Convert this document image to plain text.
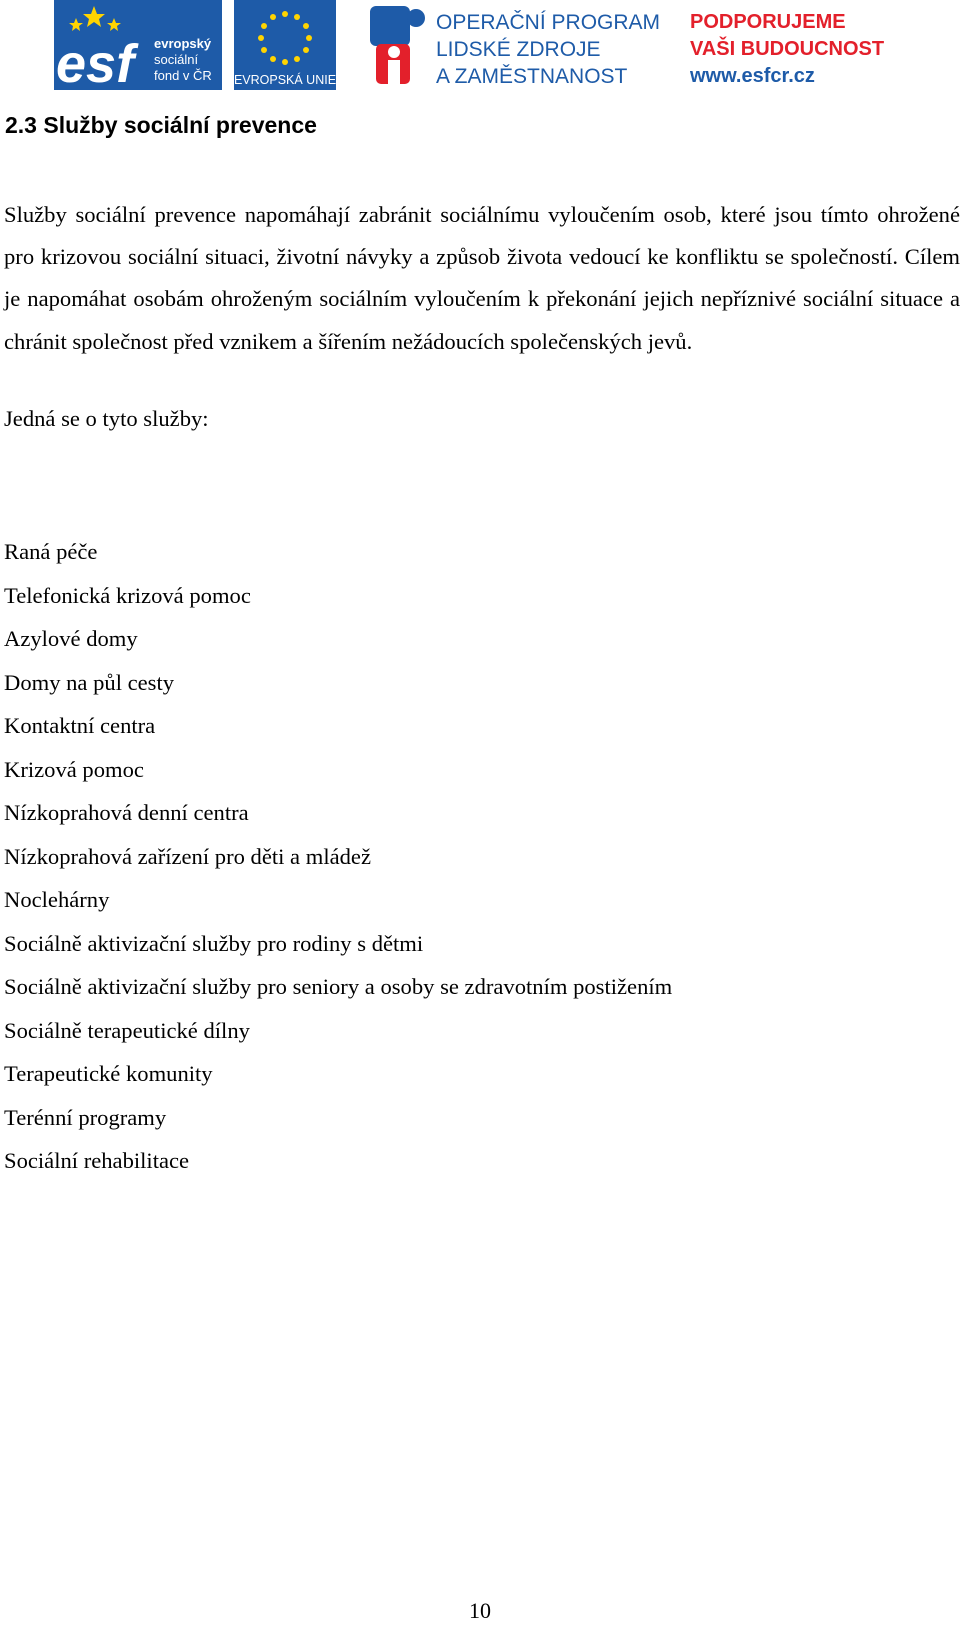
esf	evropský
sociální
fond v ČR EVROPSKÁ UNIE
OPERAČNÍ PROGRAM
LIDSKÉ ZDROJE
A ZAMĚSTNANOST
PODPORUJEME
VAŠI BUDOUCNOST
www.esfcr.cz
2.3 Služby sociální prevence

Služby sociální prevence napomáhají zabránit sociálnímu vyloučením osob, které jsou tímto ohrožené pro krizovou sociální situaci, životní návyky a způsob života vedoucí ke konfliktu se společností. Cílem je napomáhat osobám ohroženým sociálním vyloučením k překonání jejich nepříznivé sociální situace a chránit společnost před vznikem a šířením nežádoucích společenských jevů.

Jedná se o tyto služby:

Raná péče
Telefonická krizová pomoc
Azylové domy
Domy na půl cesty
Kontaktní centra
Krizová pomoc
Nízkoprahová denní centra
Nízkoprahová zařízení pro děti a mládež
Noclehárny
Sociálně aktivizační služby pro rodiny s dětmi
Sociálně aktivizační služby pro seniory a osoby se zdravotním postižením
Sociálně terapeutické dílny
Terapeutické komunity
Terénní programy
Sociální rehabilitace
10
